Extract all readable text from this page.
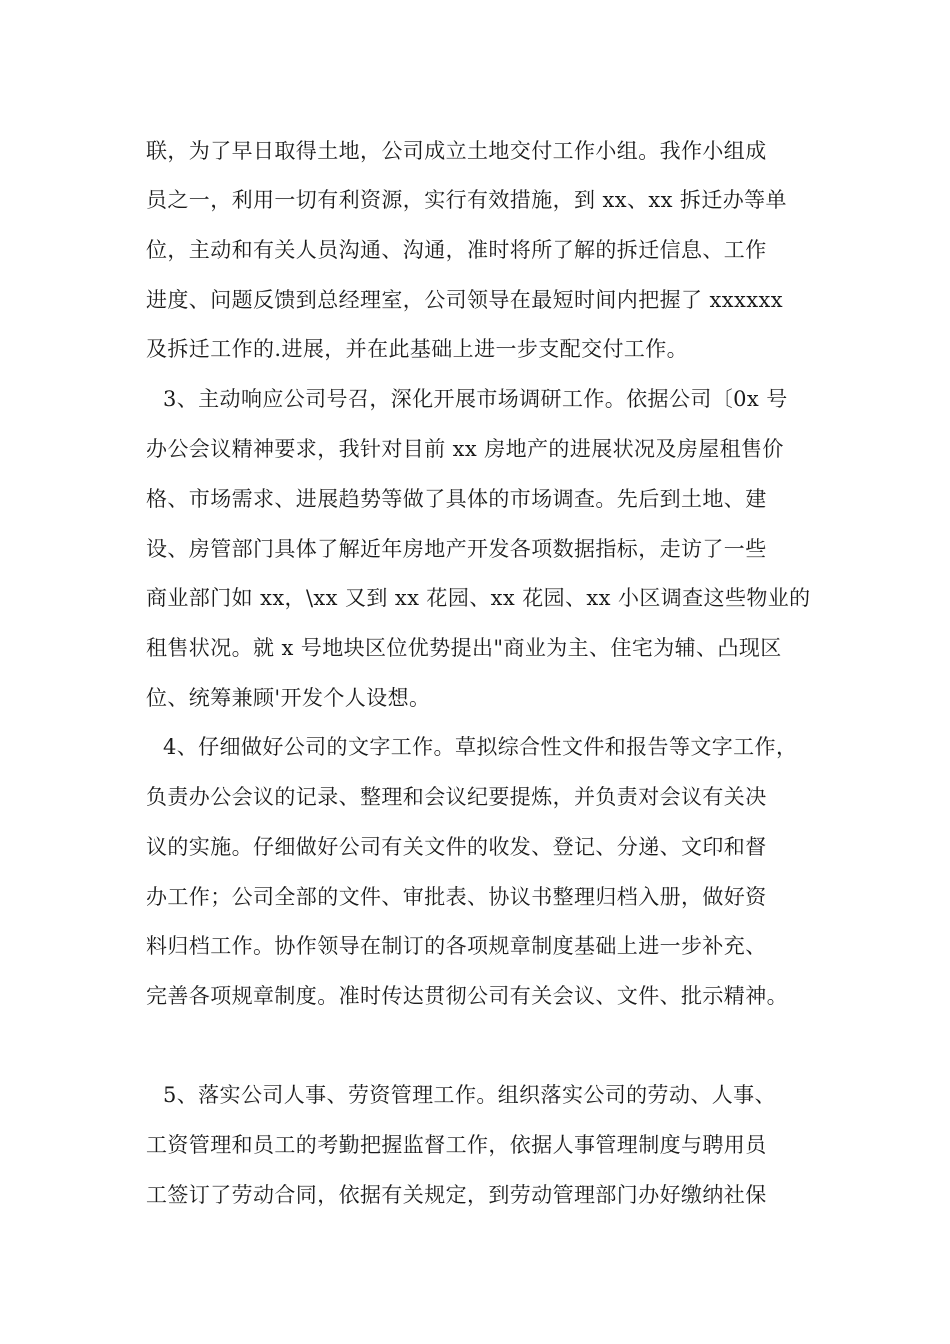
联，为了早日取得土地，公司成立土地交付工作小组。我作小组成
员之一，利用一切有利资源，实行有效措施，到 xx、xx 拆迁办等单
位，主动和有关人员沟通、沟通，准时将所了解的拆迁信息、工作
进度、问题反馈到总经理室，公司领导在最短时间内把握了 xxxxxx
及拆迁工作的.进展，并在此基础上进一步支配交付工作。
3、主动响应公司号召，深化开展市场调研工作。依据公司〔0x 号
办公会议精神要求，我针对目前 xx 房地产的进展状况及房屋租售价
格、市场需求、进展趋势等做了具体的市场调查。先后到土地、建
设、房管部门具体了解近年房地产开发各项数据指标，走访了一些
商业部门如 xx，\xx 又到 xx 花园、xx 花园、xx 小区调查这些物业的
租售状况。就 x 号地块区位优势提出"商业为主、住宅为辅、凸现区
位、统筹兼顾'开发个人设想。
4、仔细做好公司的文字工作。草拟综合性文件和报告等文字工作，
负责办公会议的记录、整理和会议纪要提炼，并负责对会议有关决
议的实施。仔细做好公司有关文件的收发、登记、分递、文印和督
办工作；公司全部的文件、审批表、协议书整理归档入册，做好资
料归档工作。协作领导在制订的各项规章制度基础上进一步补充、
完善各项规章制度。准时传达贯彻公司有关会议、文件、批示精神。
5、落实公司人事、劳资管理工作。组织落实公司的劳动、人事、
工资管理和员工的考勤把握监督工作，依据人事管理制度与聘用员
工签订了劳动合同，依据有关规定，到劳动管理部门办好缴纳社保
